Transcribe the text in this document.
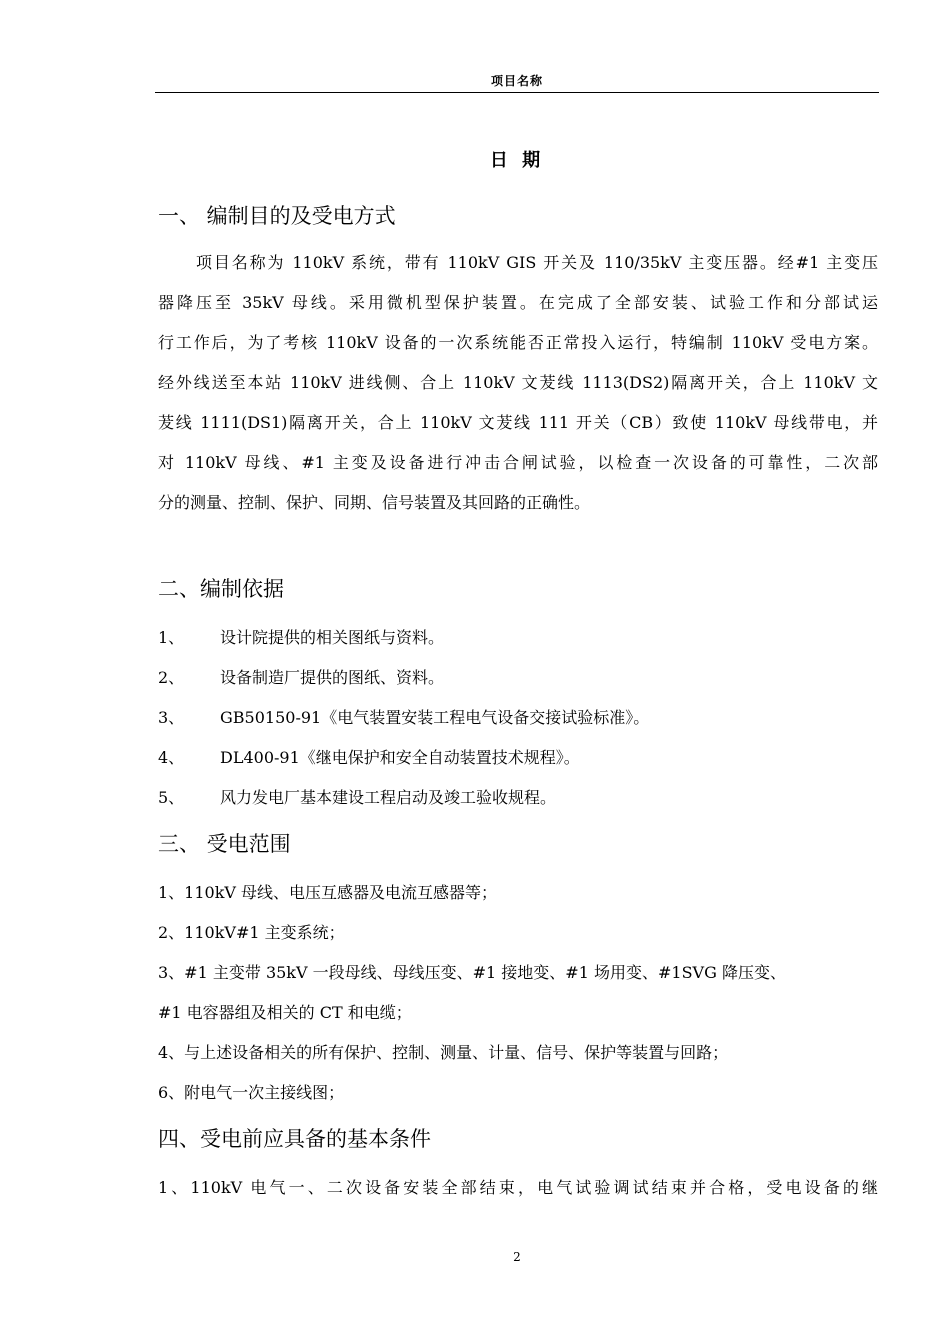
项目名称
日 期
一、 编制目的及受电方式
项目名称为 110kV 系统，带有 110kV GIS 开关及 110/35kV 主变压器。经#1 主变压
器降压至 35kV 母线。采用微机型保护装置。在完成了全部安装、试验工作和分部试运
行工作后，为了考核 110kV 设备的一次系统能否正常投入运行，特编制 110kV 受电方案。
经外线送至本站 110kV 进线侧、合上 110kV 文茇线 1113(DS2)隔离开关，合上 110kV 文
茇线 1111(DS1)隔离开关，合上 110kV 文茇线 111 开关（CB）致使 110kV 母线带电，并
对 110kV 母线、#1 主变及设备进行冲击合闸试验，以检查一次设备的可靠性，二次部
分的测量、控制、保护、同期、信号装置及其回路的正确性。
二、编制依据
1、 设计院提供的相关图纸与资料。
2、 设备制造厂提供的图纸、资料。
3、 GB50150-91《电气装置安装工程电气设备交接试验标准》。
4、 DL400-91《继电保护和安全自动装置技术规程》。
5、 风力发电厂基本建设工程启动及竣工验收规程。
三、 受电范围
1、110kV 母线、电压互感器及电流互感器等；
2、110kV#1 主变系统；
3、#1 主变带 35kV 一段母线、母线压变、#1 接地变、#1 场用变、#1SVG 降压变、
#1 电容器组及相关的 CT 和电缆；
4、与上述设备相关的所有保护、控制、测量、计量、信号、保护等装置与回路；
6、附电气一次主接线图；
四、受电前应具备的基本条件
1、110kV 电气一、二次设备安装全部结束，电气试验调试结束并合格，受电设备的继
2
